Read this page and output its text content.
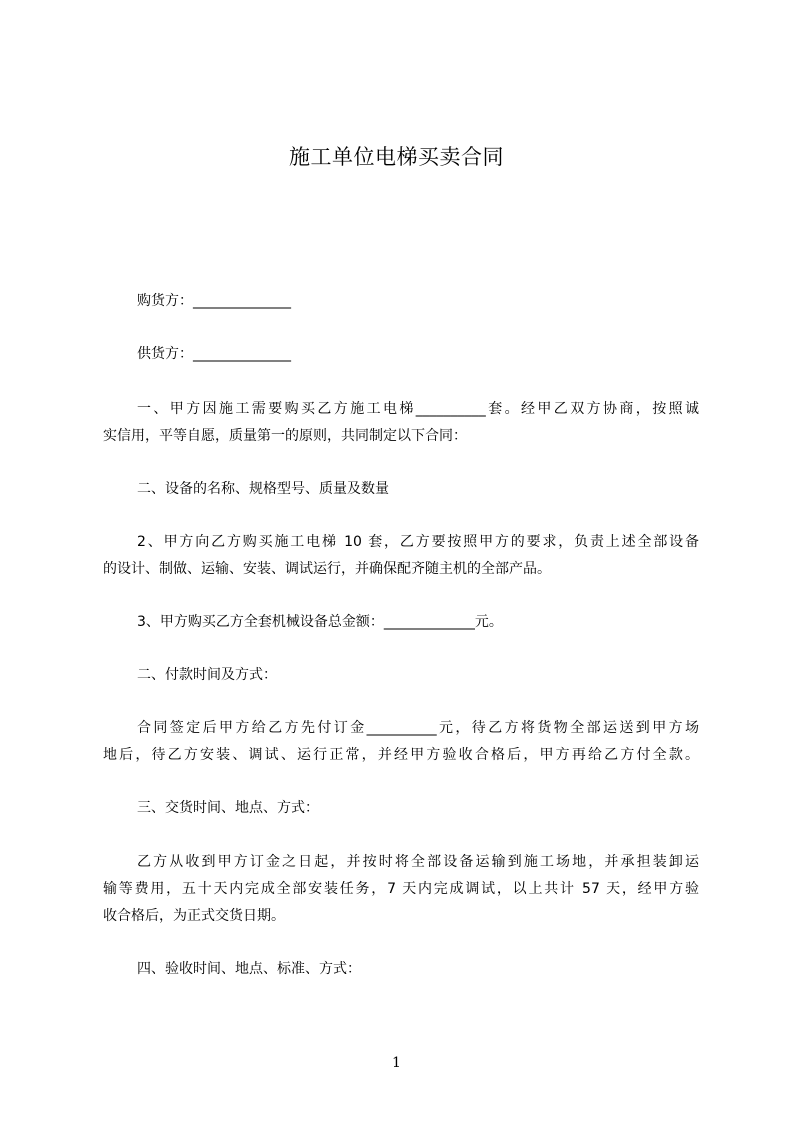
施工单位电梯买卖合同
购货方：______________
供货方：______________
一、甲方因施工需要购买乙方施工电梯__________套。经甲乙双方协商，按照诚
实信用，平等自愿，质量第一的原则，共同制定以下合同：
二、设备的名称、规格型号、质量及数量
2、甲方向乙方购买施工电梯 10 套，乙方要按照甲方的要求，负责上述全部设备
的设计、制做、运输、安装、调试运行，并确保配齐随主机的全部产品。
3、甲方购买乙方全套机械设备总金额：_____________元。
二、付款时间及方式：
合同签定后甲方给乙方先付订金__________元，待乙方将货物全部运送到甲方场
地后，待乙方安装、调试、运行正常，并经甲方验收合格后，甲方再给乙方付全款。
三、交货时间、地点、方式：
乙方从收到甲方订金之日起，并按时将全部设备运输到施工场地，并承担装卸运
输等费用，五十天内完成全部安装任务，7 天内完成调试，以上共计 57 天，经甲方验
收合格后，为正式交货日期。
四、验收时间、地点、标准、方式：
1
